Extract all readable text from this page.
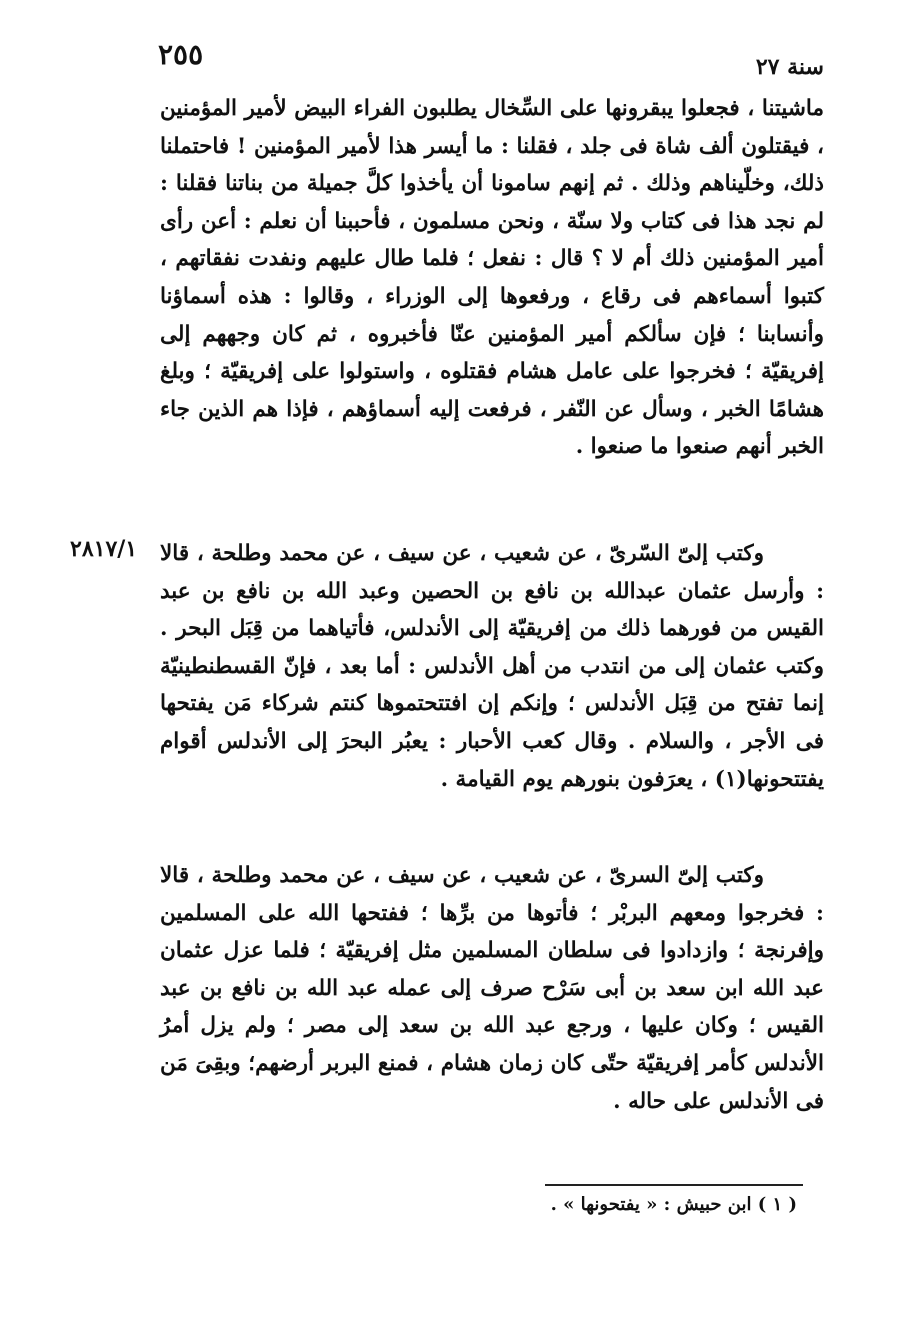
٢٥٥	سنة ٢٧

ماشيتنا ، فجعلوا يبقرونها على السِّخال يطلبون الفراء البيض لأمير المؤمنين ، فيقتلون ألف شاة فى جلد ، فقلنا : ما أيسر هذا لأمير المؤمنين ! فاحتملنا ذلك، وخلّيناهم وذلك . ثم إنهم سامونا أن يأخذوا كلَّ جميلة من بناتنا فقلنا : لم نجد هذا فى كتاب ولا سنّة ، ونحن مسلمون ، فأحببنا أن نعلم : أعن رأى أمير المؤمنين ذلك أم لا ؟ قال : نفعل ؛ فلما طال عليهم ونفدت نفقاتهم ، كتبوا أسماءهم فى رقاع ، ورفعوها إلى الوزراء ، وقالوا : هذه أسماؤنا وأنسابنا ؛ فإن سألكم أمير المؤمنين عنّا فأخبروه ، ثم كان وجههم إلى إفريقيّة ؛ فخرجوا على عامل هشام فقتلوه ، واستولوا على إفريقيّة ؛ وبلغ هشامًا الخبر ، وسأل عن النّفر ، فرفعت إليه أسماؤهم ، فإذا هم الذين جاء الخبر أنهم صنعوا ما صنعوا .

٢٨١٧/١ وكتب إلىّ السّرىّ ، عن شعيب ، عن سيف ، عن محمد وطلحة ، قالا : وأرسل عثمان عبدالله بن نافع بن الحصين وعبد الله بن نافع بن عبد القيس من فورهما ذلك من إفريقيّة إلى الأندلس، فأتياهما من قِبَل البحر . وكتب عثمان إلى من انتدب من أهل الأندلس : أما بعد ، فإنّ القسطنطينيّة إنما تفتح من قِبَل الأندلس ؛ وإنكم إن افتتحتموها كنتم شركاء مَن يفتحها فى الأجر ، والسلام . وقال كعب الأحبار : يعبُر البحرَ إلى الأندلس أقوام يفتتحونها(١) ، يعرَفون بنورهم يوم القيامة .

وكتب إلىّ السرىّ ، عن شعيب ، عن سيف ، عن محمد وطلحة ، قالا : فخرجوا ومعهم البربْر ؛ فأتوها من برِّها ؛ ففتحها الله على المسلمين وإفرنجة ؛ وازدادوا فى سلطان المسلمين مثل إفريقيّة ؛ فلما عزل عثمان عبد الله ابن سعد بن أبى سَرْح صرف إلى عمله عبد الله بن نافع بن عبد القيس ؛ وكان عليها ، ورجع عبد الله بن سعد إلى مصر ؛ ولم يزل أمرُ الأندلس كأمر إفريقيّة حتّى كان زمان هشام ، فمنع البربر أرضهم؛ وبقِىَ مَن فى الأندلس على حاله .

( ١ ) ابن حبيش : « يفتحونها » .
